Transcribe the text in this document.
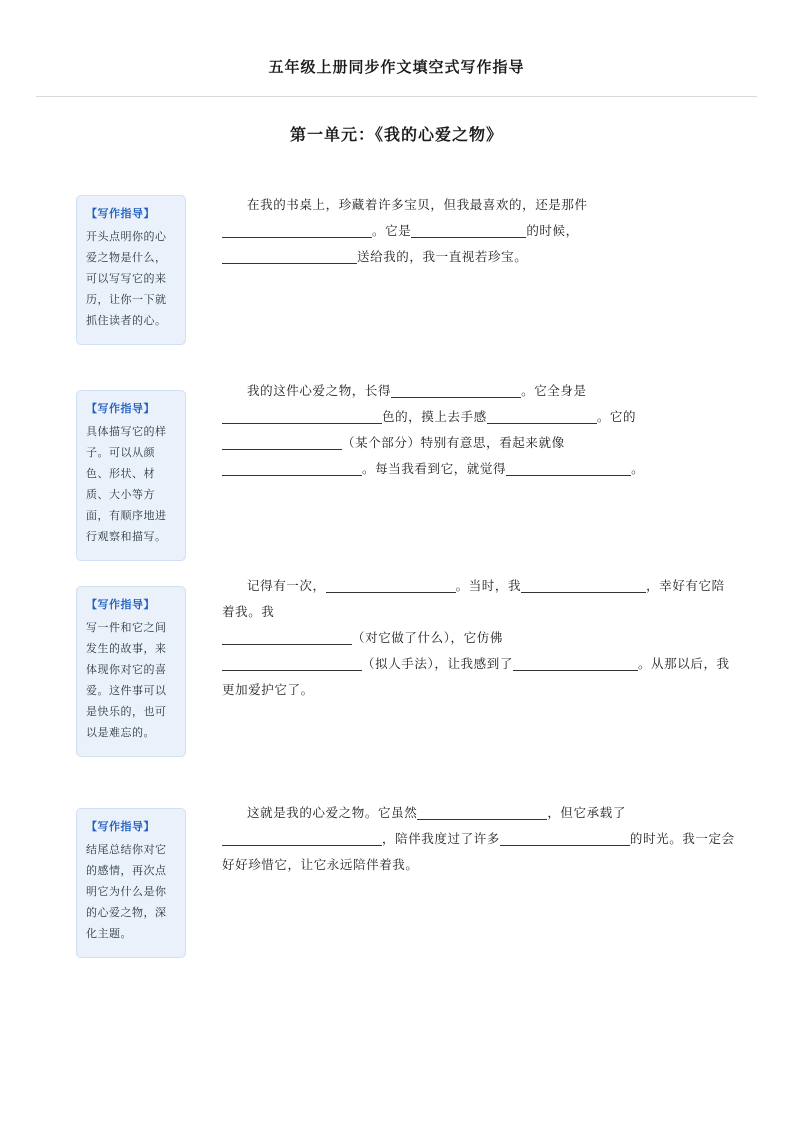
五年级上册同步作文填空式写作指导
第一单元：《我的心爱之物》
【写作指导】
开头点明你的心爱之物是什么，可以写写它的来历，让你一下就抓住读者的心。

在我的书桌上，珍藏着许多宝贝，但我最喜欢的，还是那件

。它是	的时候，

送给我的，我一直视若珍宝。

【写作指导】
具体描写它的样子。可以从颜色、形状、材质、大小等方面，有顺序地进行观察和描写。

我的这件心爱之物，长得	。它全身是

色的，摸上去手感	。它的

（某个部分）特别有意思，看起来就像

。每当我看到它，就觉得	。

【写作指导】
写一件和它之间发生的故事，来体现你对它的喜爱。这件事可以是快乐的，也可以是难忘的。

记得有一次，	。当时，我	，幸好有它陪着我。我

（对它做了什么），它仿佛

（拟人手法），让我感到了	。从那以后，我更加爱护它了。

【写作指导】
结尾总结你对它的感情，再次点明它为什么是你的心爱之物，深化主题。

这就是我的心爱之物。它虽然	，但它承载了

，陪伴我度过了许多	的时光。我一定会好好珍惜它，让它永远陪伴着我。
